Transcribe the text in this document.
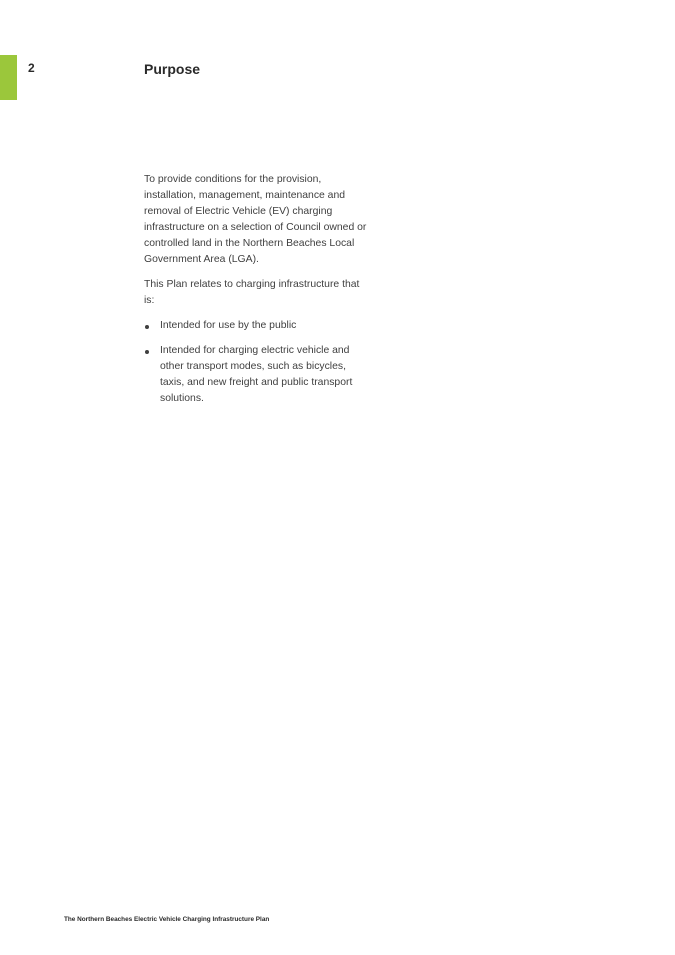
2	Purpose

To provide conditions for the provision, installation, management, maintenance and removal of Electric Vehicle (EV) charging infrastructure on a selection of Council owned or controlled land in the Northern Beaches Local Government Area (LGA).

This Plan relates to charging infrastructure that is:

Intended for use by the public
Intended for charging electric vehicle and other transport modes, such as bicycles, taxis, and new freight and public transport solutions.
The Northern Beaches Electric Vehicle Charging Infrastructure Plan
